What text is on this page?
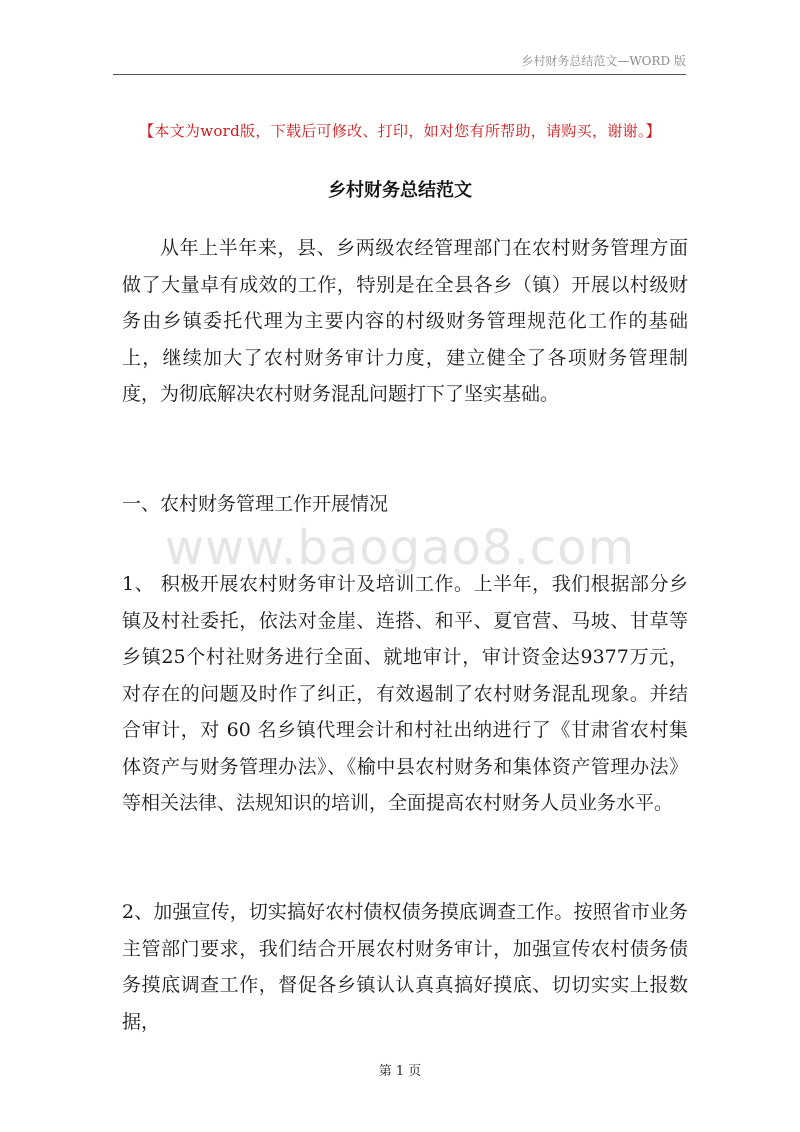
乡村财务总结范文—WORD 版
【本文为word版，下载后可修改、打印，如对您有所帮助，请购买，谢谢。】
乡村财务总结范文

从年上半年来，县、乡两级农经管理部门在农村财务管理方面做了大量卓有成效的工作，特别是在全县各乡（镇）开展以村级财务由乡镇委托代理为主要内容的村级财务管理规范化工作的基础上，继续加大了农村财务审计力度，建立健全了各项财务管理制度，为彻底解决农村财务混乱问题打下了坚实基础。

一、农村财务管理工作开展情况

www.baogao8.com

1、 积极开展农村财务审计及培训工作。上半年，我们根据部分乡镇及村社委托，依法对金崖、连搭、和平、夏官营、马坡、甘草等乡镇25个村社财务进行全面、就地审计，审计资金达9377万元，对存在的问题及时作了纠正，有效遏制了农村财务混乱现象。并结合审计，对 60 名乡镇代理会计和村社出纳进行了《甘肃省农村集体资产与财务管理办法》、《榆中县农村财务和集体资产管理办法》等相关法律、法规知识的培训，全面提高农村财务人员业务水平。

2、加强宣传，切实搞好农村债权债务摸底调查工作。按照省市业务主管部门要求，我们结合开展农村财务审计，加强宣传农村债务债务摸底调查工作，督促各乡镇认认真真搞好摸底、切切实实上报数据，

第 1 页
